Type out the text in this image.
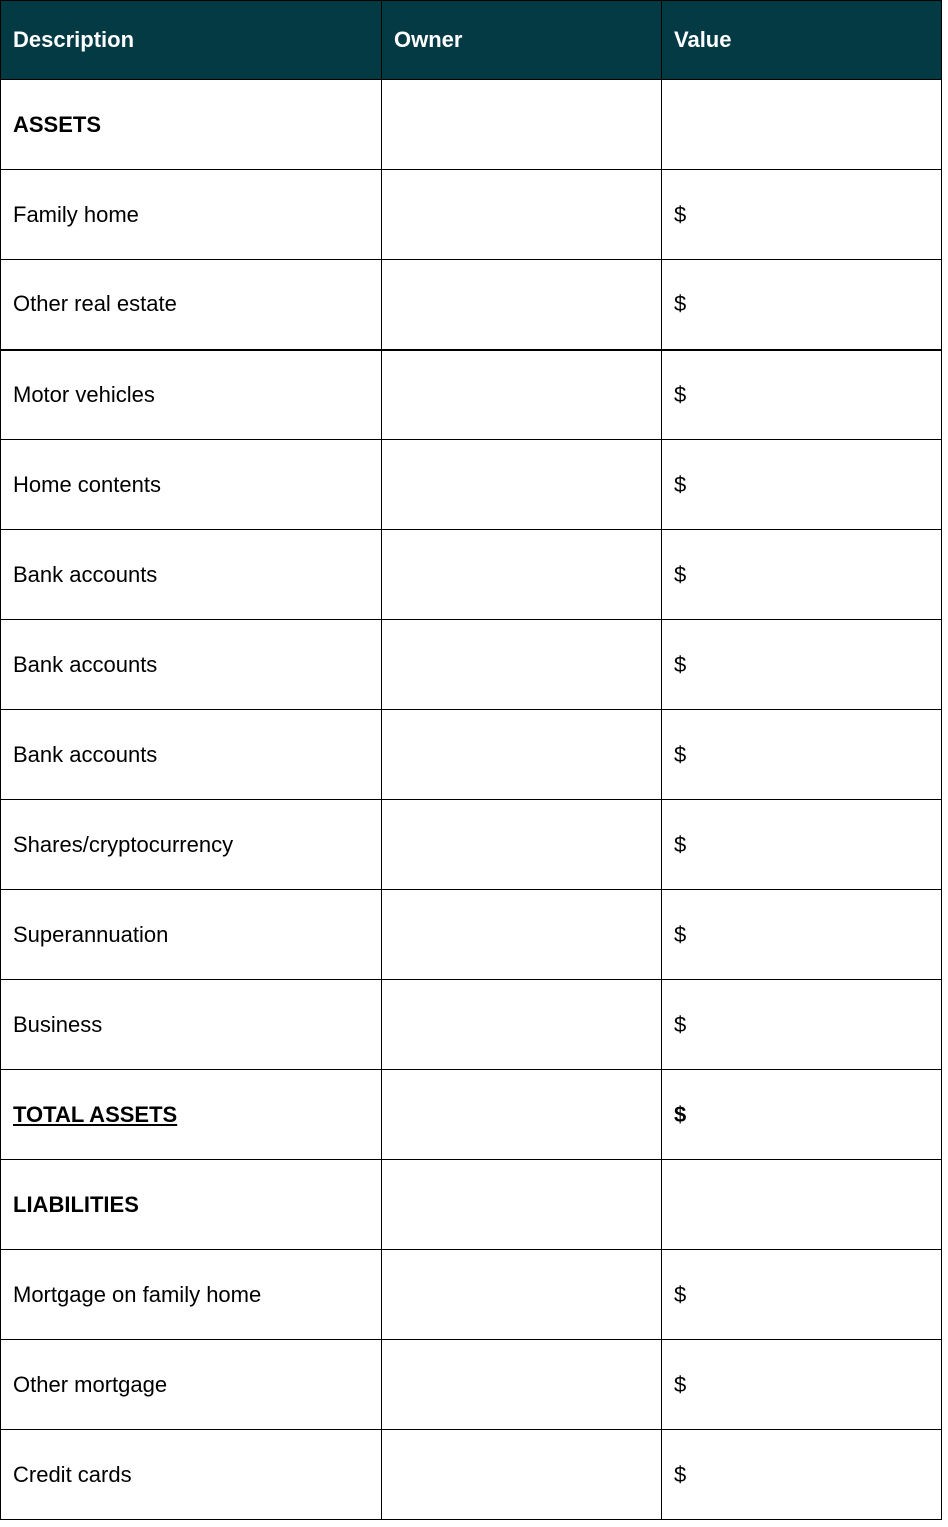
Description	Owner	Value
ASSETS		
Family home		$
Other real estate		$
Motor vehicles		$
Home contents		$
Bank accounts		$
Bank accounts		$
Bank accounts		$
Shares/cryptocurrency		$
Superannuation		$
Business		$
TOTAL ASSETS		$
LIABILITIES		
Mortgage on family home		$
Other mortgage		$
Credit cards		$
